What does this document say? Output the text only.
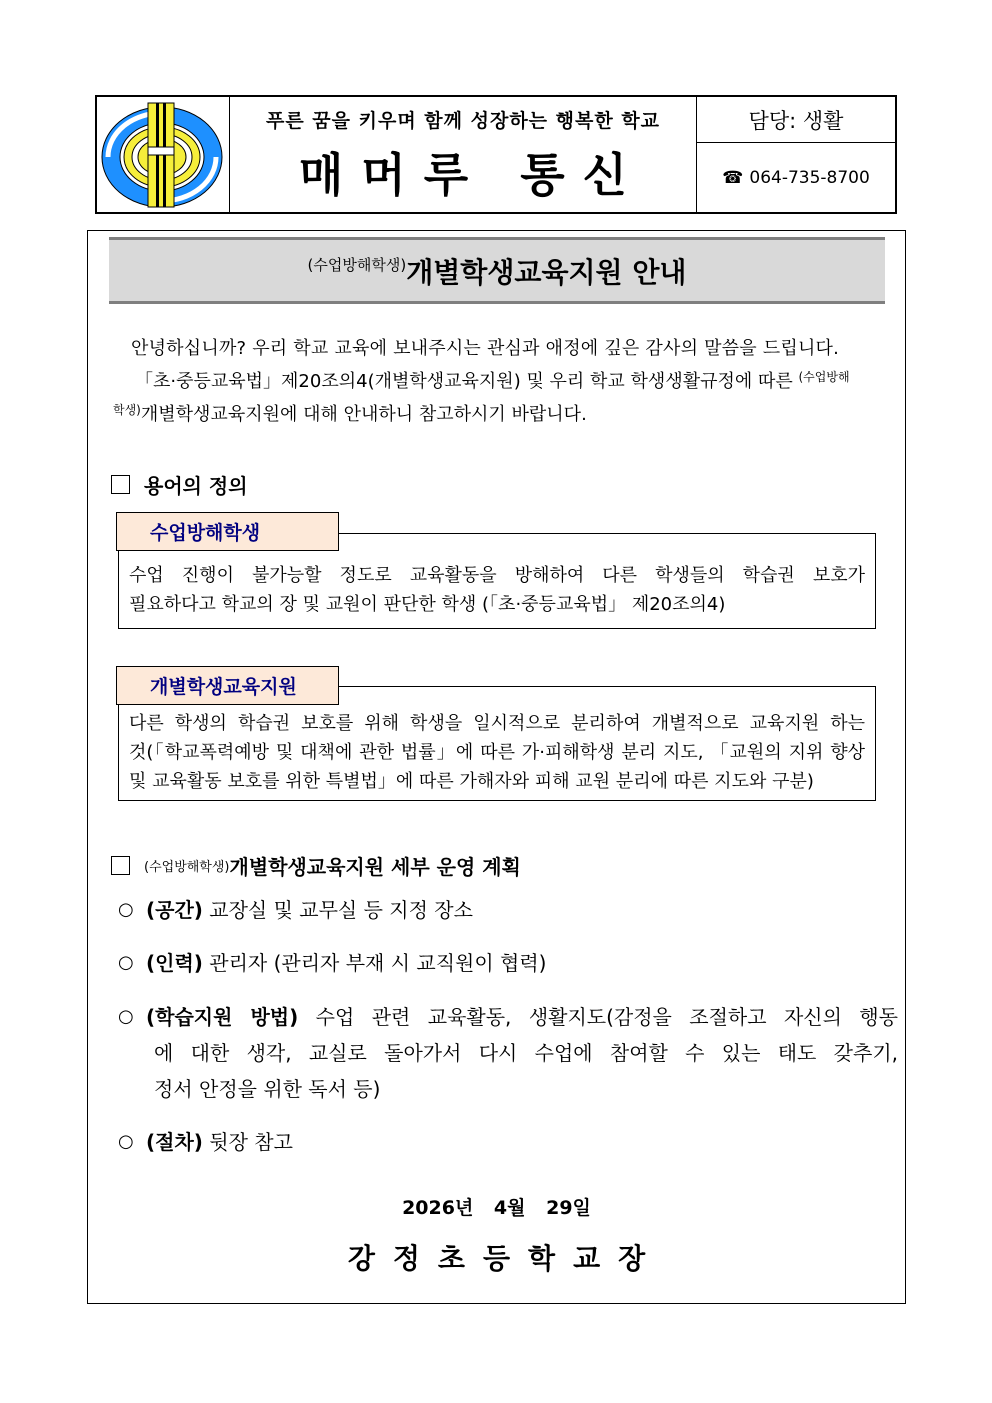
푸른 꿈을 키우며 함께 성장하는 행복한 학교
매머루 통신
담당: 생활
☎ 064-735-8700
(수업방해학생) 개별학생교육지원 안내
안녕하십니까? 우리 학교 교육에 보내주시는 관심과 애정에 깊은 감사의 말씀을 드립니다.
「초·중등교육법」제20조의4(개별학생교육지원) 및 우리 학교 학생생활규정에 따른 $^{(수업방해}$
$^{학생)}$개별학생교육지원에 대해 안내하니 참고하시기 바랍니다.
용어의 정의
수업 진행이 불가능할 정도로 교육활동을 방해하여 다른 학생들의 학습권 보호가
필요하다고 학교의 장 및 교원이 판단한 학생 (「초·중등교육법」 제20조의4)
수업방해학생
다른 학생의 학습권 보호를 위해 학생을 일시적으로 분리하여 개별적으로 교육지원 하는
것(「학교폭력예방 및 대책에 관한 법률」에 따른 가·피해학생 분리 지도, 「교원의 지위 향상
및 교육활동 보호를 위한 특별법」에 따른 가해자와 피해 교원 분리에 따른 지도와 구분)
개별학생교육지원
(수업방해학생) 개별학생교육지원 세부 운영 계획
○ (공간) 교장실 및 교무실 등 지정 장소
○ (인력) 관리자 (관리자 부재 시 교직원이 협력)
○ (학습지원 방법) 수업 관련 교육활동, 생활지도(감정을 조절하고 자신의 행동
에 대한 생각, 교실로 돌아가서 다시 수업에 참여할 수 있는 태도 갖추기,
정서 안정을 위한 독서 등)
○ (절차) 뒷장 참고
2026년 4월 29일
강정초등학교장
